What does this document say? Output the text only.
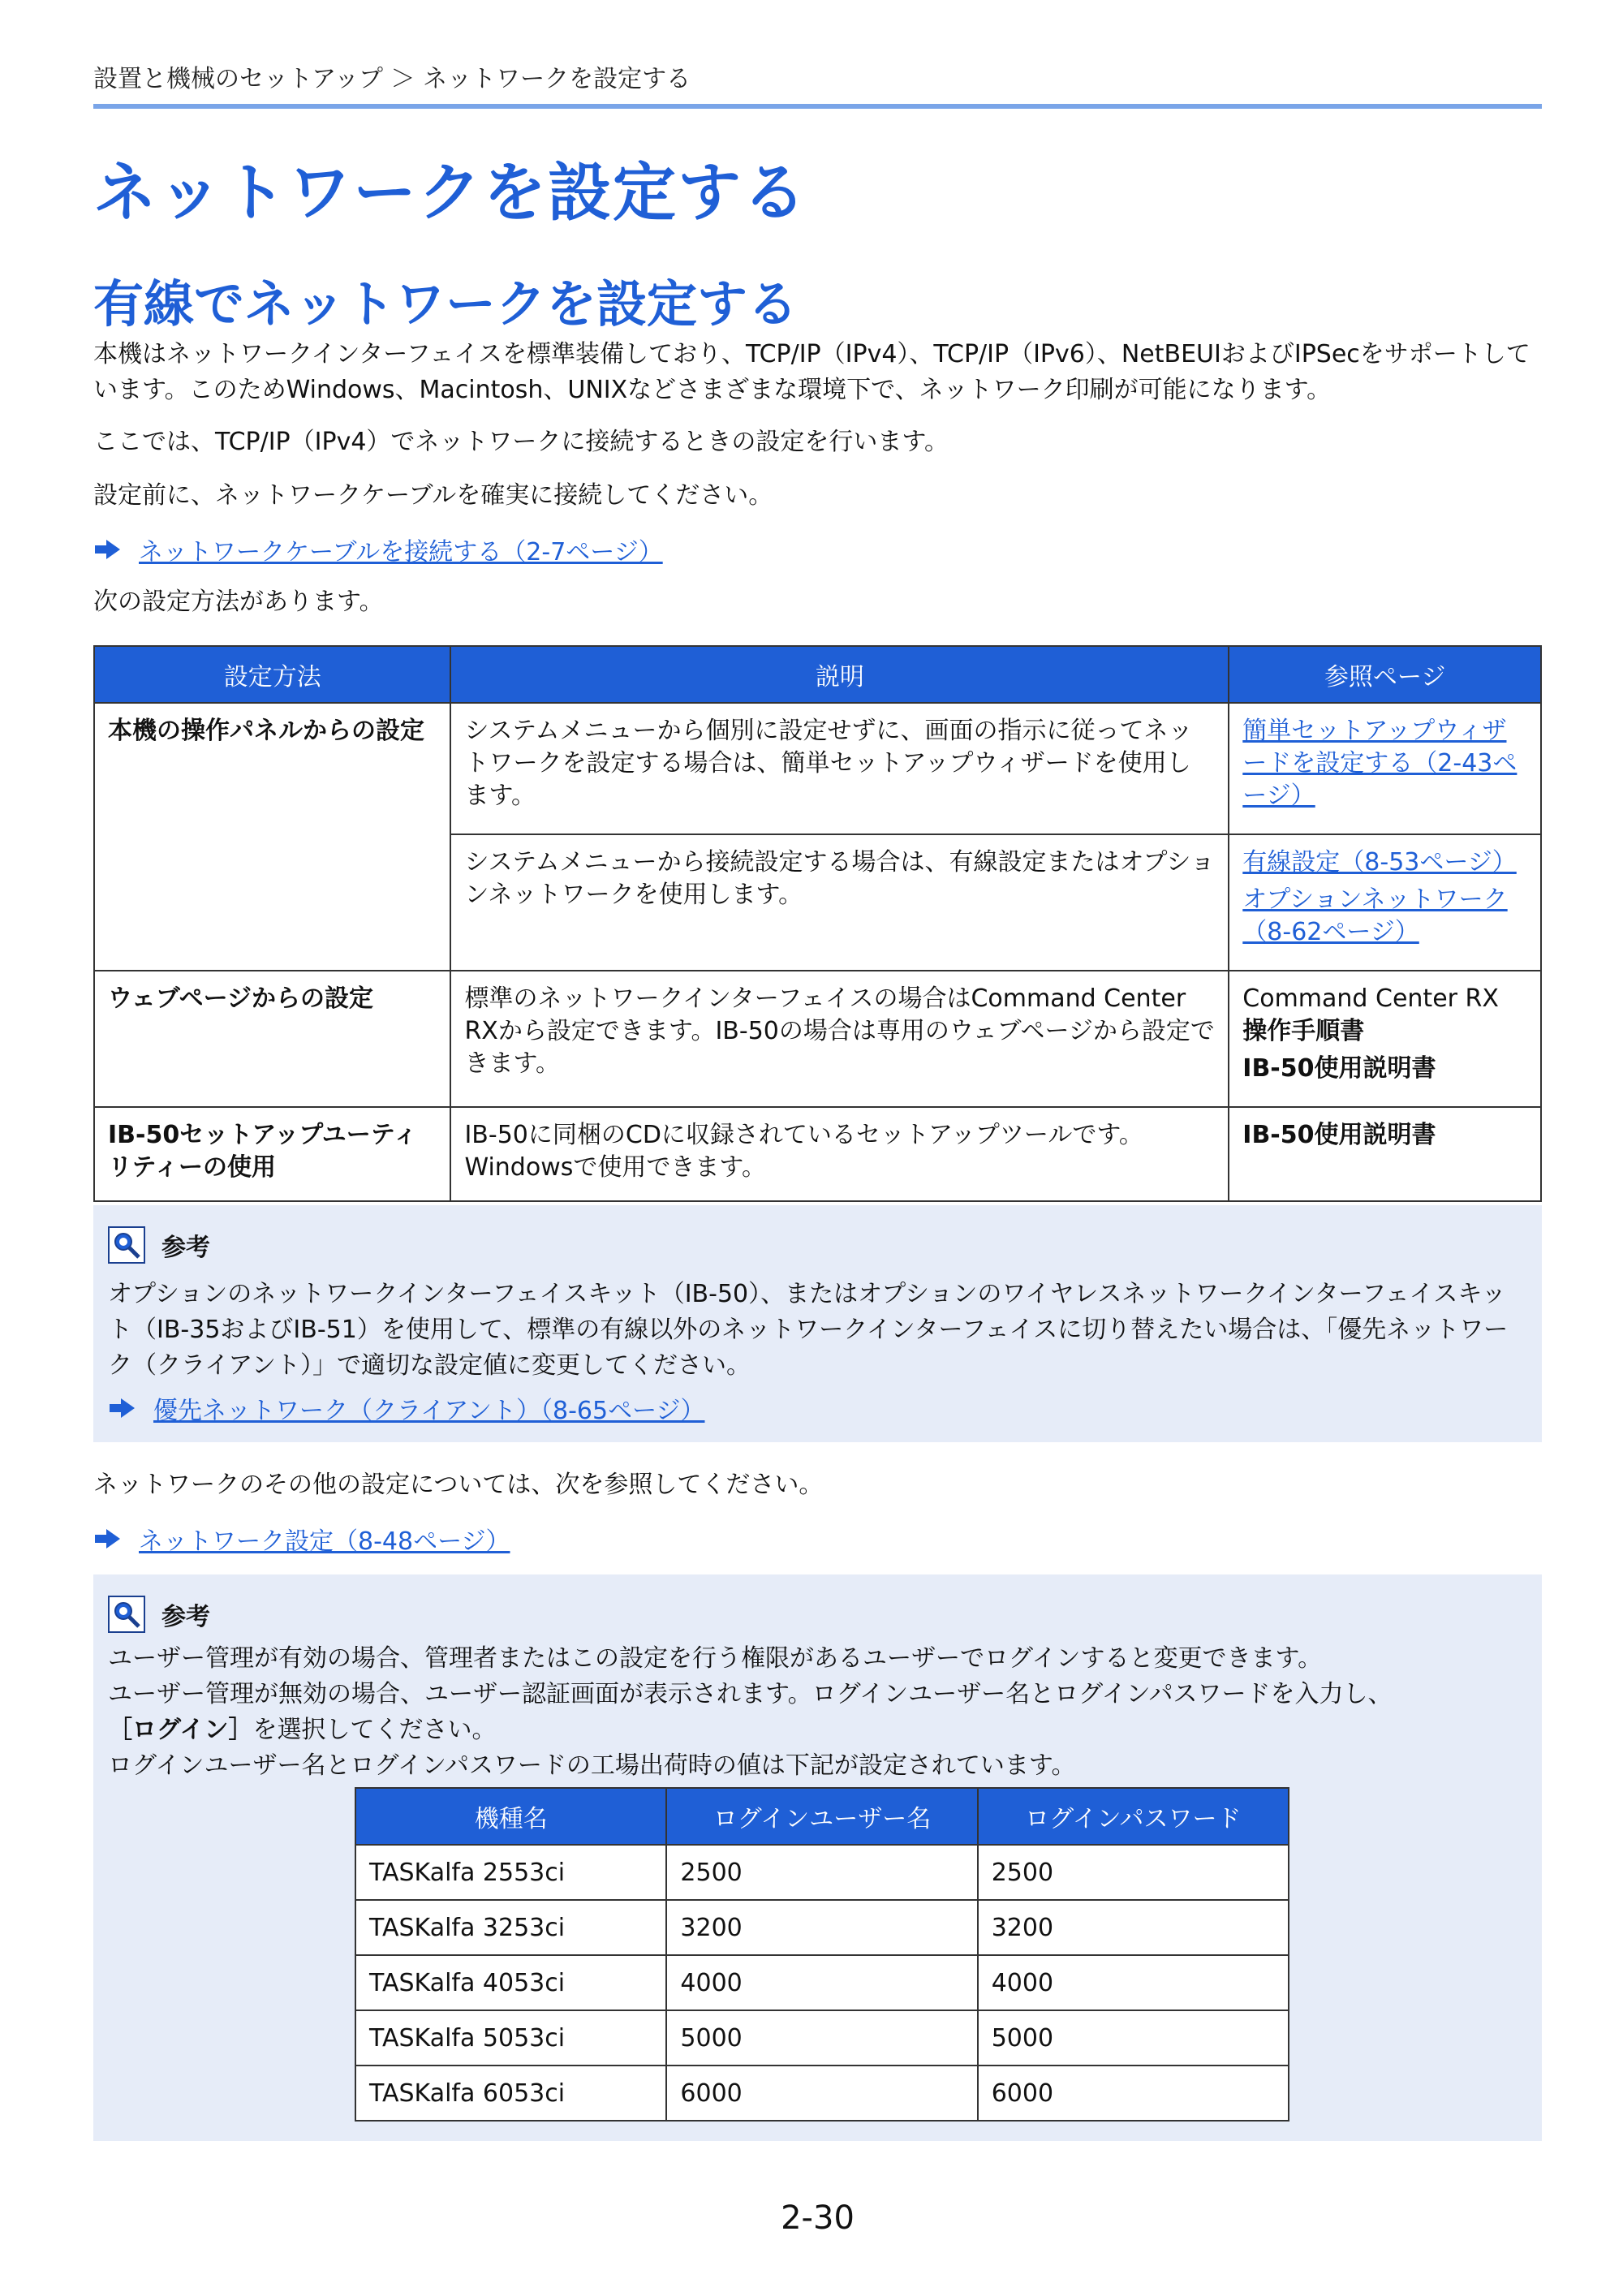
設置と機械のセットアップ ＞ ネットワークを設定する
ネットワークを設定する
有線でネットワークを設定する

本機はネットワークインターフェイスを標準装備しており、TCP/IP（IPv4）、TCP/IP（IPv6）、NetBEUIおよびIPSecをサポートしています。このためWindows、Macintosh、UNIXなどさまざまな環境下で、ネットワーク印刷が可能になります。

ここでは、TCP/IP（IPv4）でネットワークに接続するときの設定を行います。

設定前に、ネットワークケーブルを確実に接続してください。

ネットワークケーブルを接続する（2-7ページ）

次の設定方法があります。

設定方法	説明	参照ページ
本機の操作パネルからの設定	システムメニューから個別に設定せずに、画面の指示に従ってネットワークを設定する場合は、簡単セットアップウィザードを使用します。	簡単セットアップウィザードを設定する（2-43ページ）

	システムメニューから接続設定する場合は、有線設定またはオプションネットワークを使用します。	有線設定（8-53ページ）
オプションネットワーク（8-62ページ）

ウェブページからの設定	標準のネットワークインターフェイスの場合はCommand Center RXから設定できます。IB-50の場合は専用のウェブページから設定できます。	Command Center RX
操作手順書
IB-50使用説明書

IB-50セットアップユーティリティーの使用	IB-50に同梱のCDに収録されているセットアップツールです。Windowsで使用できます。	IB-50使用説明書
参考
オプションのネットワークインターフェイスキット（IB-50）、またはオプションのワイヤレスネットワークインターフェイスキット（IB-35およびIB-51）を使用して、標準の有線以外のネットワークインターフェイスに切り替えたい場合は、「優先ネットワーク（クライアント）」で適切な設定値に変更してください。
優先ネットワーク（クライアント）（8-65ページ）

ネットワークのその他の設定については、次を参照してください。

ネットワーク設定（8-48ページ）
参考
ユーザー管理が有効の場合、管理者またはこの設定を行う権限があるユーザーでログインすると変更できます。
ユーザー管理が無効の場合、ユーザー認証画面が表示されます。ログインユーザー名とログインパスワードを入力し、［ログイン］を選択してください。
ログインユーザー名とログインパスワードの工場出荷時の値は下記が設定されています。
機種名	ログインユーザー名	ログインパスワード
TASKalfa 2553ci	2500	2500
TASKalfa 3253ci	3200	3200
TASKalfa 4053ci	4000	4000
TASKalfa 5053ci	5000	5000
TASKalfa 6053ci	6000	6000
2-30
